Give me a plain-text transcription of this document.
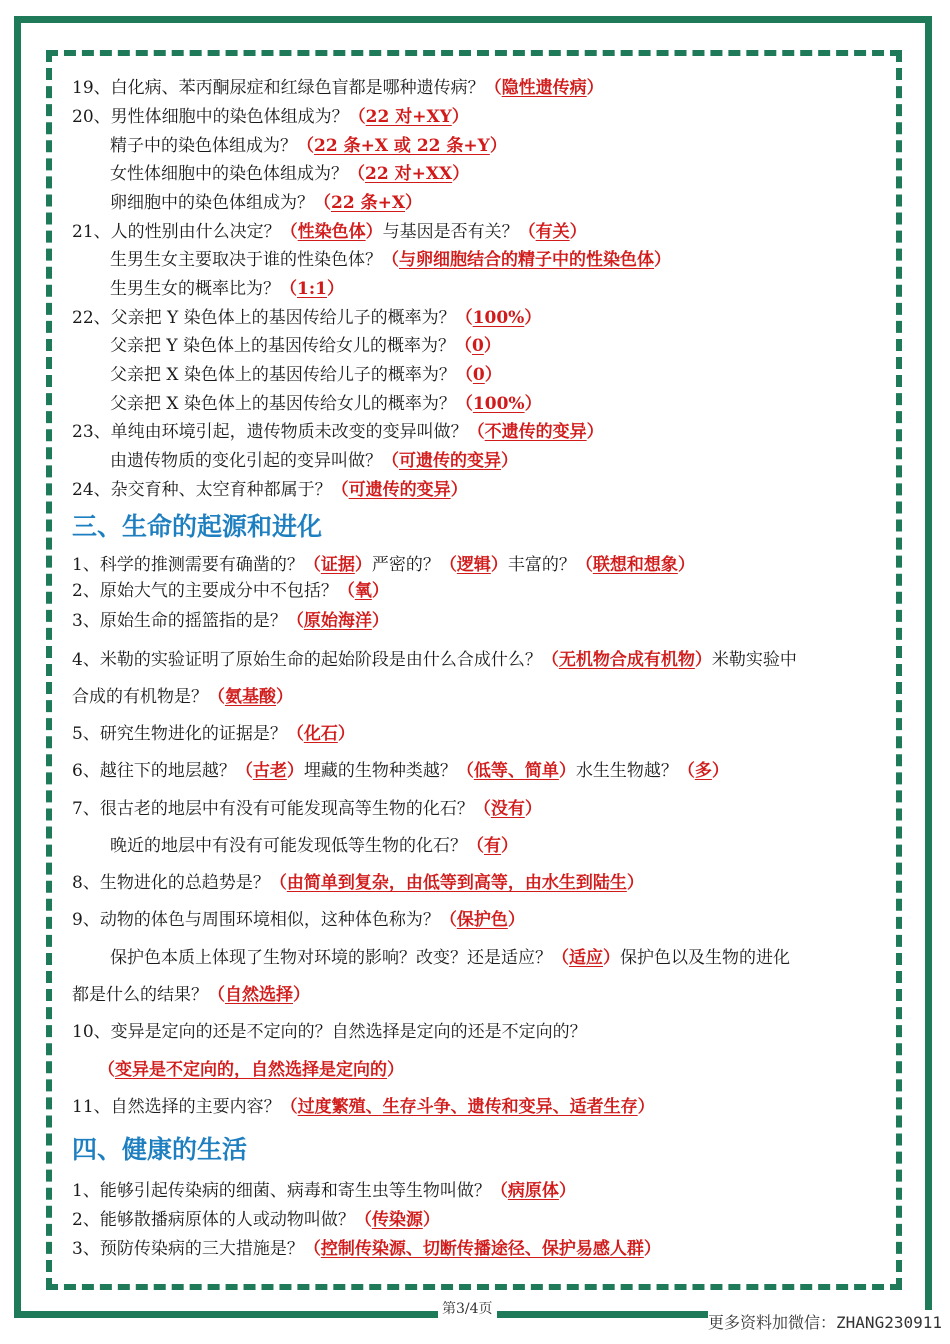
19、白化病、苯丙酮尿症和红绿色盲都是哪种遗传病？（隐性遗传病）
20、男性体细胞中的染色体组成为？（22 对+XY）
精子中的染色体组成为？（22 条+X 或 22 条+Y）
女性体细胞中的染色体组成为？（22 对+XX）
卵细胞中的染色体组成为？（22 条+X）
21、人的性别由什么决定？（性染色体）与基因是否有关？（有关）
生男生女主要取决于谁的性染色体？（与卵细胞结合的精子中的性染色体）
生男生女的概率比为？（1:1）
22、父亲把 Y 染色体上的基因传给儿子的概率为？（100%）
父亲把 Y 染色体上的基因传给女儿的概率为？（0）
父亲把 X 染色体上的基因传给儿子的概率为？（0）
父亲把 X 染色体上的基因传给女儿的概率为？（100%）
23、单纯由环境引起，遗传物质未改变的变异叫做？（不遗传的变异）
由遗传物质的变化引起的变异叫做？（可遗传的变异）
24、杂交育种、太空育种都属于？（可遗传的变异）
三、生命的起源和进化
1、科学的推测需要有确凿的？（证据）严密的？（逻辑）丰富的？（联想和想象）
2、原始大气的主要成分中不包括？（氧）
3、原始生命的摇篮指的是？（原始海洋）
4、米勒的实验证明了原始生命的起始阶段是由什么合成什么？（无机物合成有机物）米勒实验中
合成的有机物是？（氨基酸）
5、研究生物进化的证据是？（化石）
6、越往下的地层越？（古老）埋藏的生物种类越？（低等、简单）水生生物越？（多）
7、很古老的地层中有没有可能发现高等生物的化石？（没有）
晚近的地层中有没有可能发现低等生物的化石？（有）
8、生物进化的总趋势是？（由简单到复杂，由低等到高等，由水生到陆生）
9、动物的体色与周围环境相似，这种体色称为？（保护色）
保护色本质上体现了生物对环境的影响？改变？还是适应？（适应）保护色以及生物的进化
都是什么的结果？（自然选择）
10、变异是定向的还是不定向的？自然选择是定向的还是不定向的？
（变异是不定向的，自然选择是定向的）
11、自然选择的主要内容？（过度繁殖、生存斗争、遗传和变异、适者生存）
四、健康的生活
1、能够引起传染病的细菌、病毒和寄生虫等生物叫做？（病原体）
2、能够散播病原体的人或动物叫做？（传染源）
3、预防传染病的三大措施是？（控制传染源、切断传播途径、保护易感人群）
第3/4页
更多资料加微信：ZHANG230911
